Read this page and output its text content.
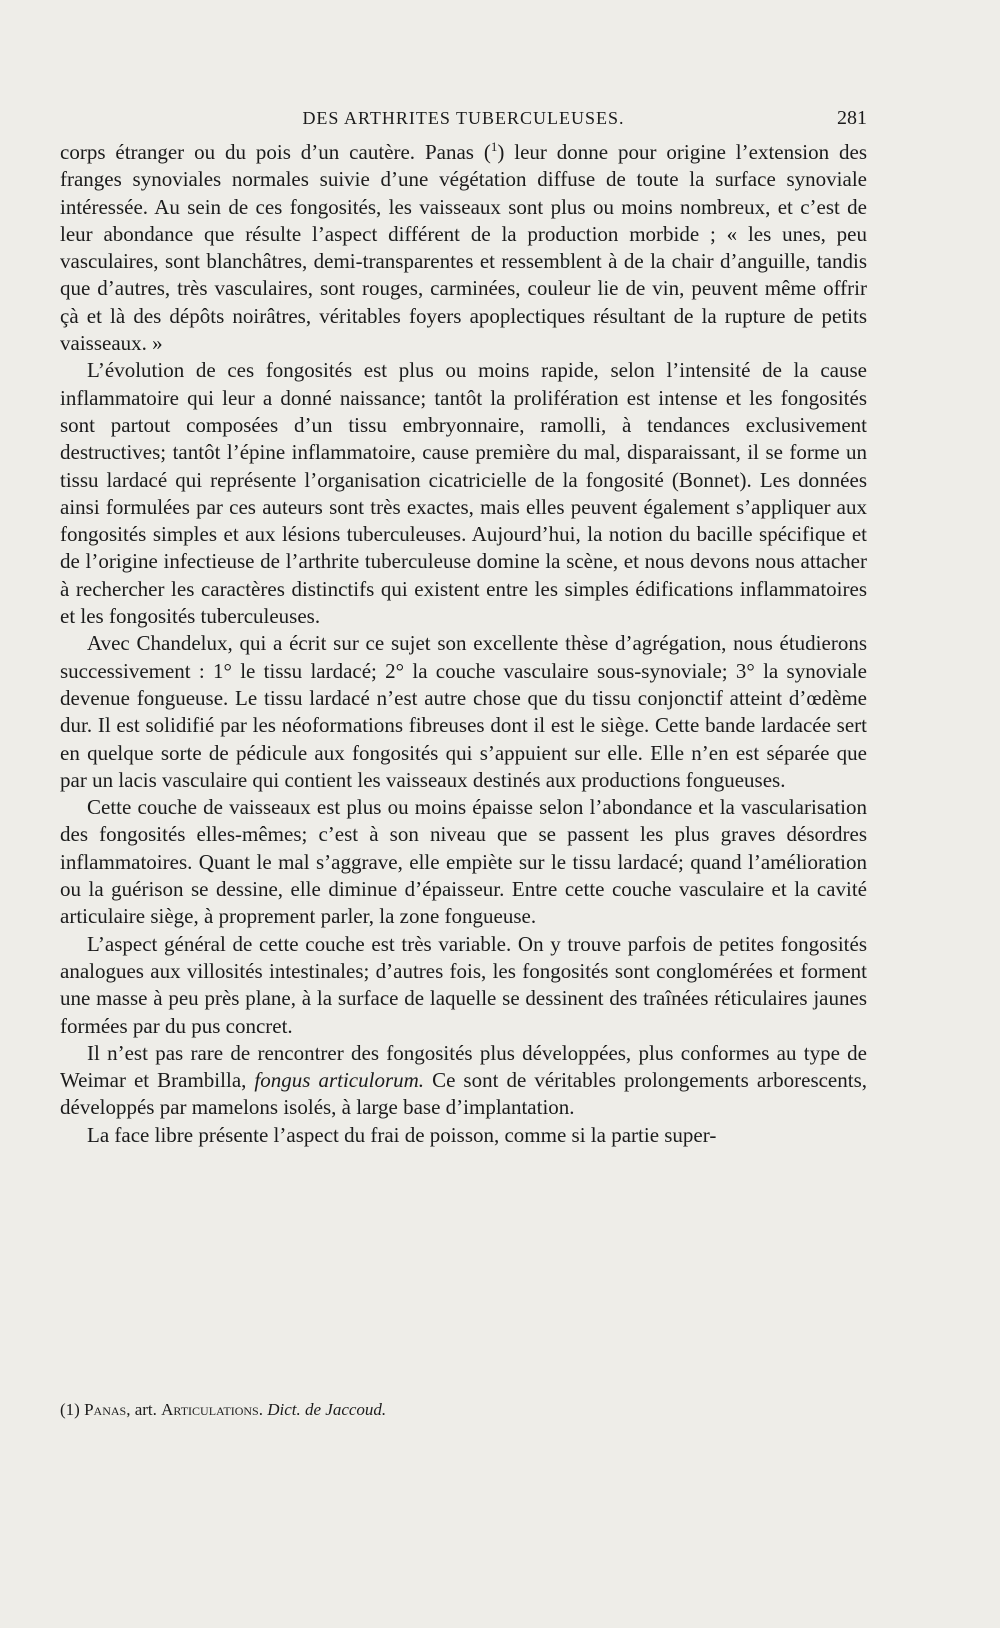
DES ARTHRITES TUBERCULEUSES.	281

corps étranger ou du pois d’un cautère. Panas ($^1$) leur donne pour origine l’extension des franges synoviales normales suivie d’une végétation diffuse de toute la surface synoviale intéressée. Au sein de ces fongosités, les vaisseaux sont plus ou moins nombreux, et c’est de leur abondance que résulte l’aspect différent de la production morbide ; « les unes, peu vasculaires, sont blanchâtres, demi-transparentes et ressemblent à de la chair d’anguille, tandis que d’autres, très vasculaires, sont rouges, carminées, couleur lie de vin, peuvent même offrir çà et là des dépôts noirâtres, véritables foyers apoplectiques résultant de la rupture de petits vaisseaux. »

L’évolution de ces fongosités est plus ou moins rapide, selon l’intensité de la cause inflammatoire qui leur a donné naissance; tantôt la prolifération est intense et les fongosités sont partout composées d’un tissu embryonnaire, ramolli, à tendances exclusivement destructives; tantôt l’épine inflammatoire, cause première du mal, disparaissant, il se forme un tissu lardacé qui représente l’organisation cicatricielle de la fongosité (Bonnet). Les données ainsi formulées par ces auteurs sont très exactes, mais elles peuvent également s’appliquer aux fongosités simples et aux lésions tuberculeuses. Aujourd’hui, la notion du bacille spécifique et de l’origine infectieuse de l’arthrite tuberculeuse domine la scène, et nous devons nous attacher à rechercher les caractères distinctifs qui existent entre les simples édifications inflammatoires et les fongosités tuberculeuses.

Avec Chandelux, qui a écrit sur ce sujet son excellente thèse d’agrégation, nous étudierons successivement : 1° le tissu lardacé; 2° la couche vasculaire sous-synoviale; 3° la synoviale devenue fongueuse. Le tissu lardacé n’est autre chose que du tissu conjonctif atteint d’œdème dur. Il est solidifié par les néoformations fibreuses dont il est le siège. Cette bande lardacée sert en quelque sorte de pédicule aux fongosités qui s’appuient sur elle. Elle n’en est séparée que par un lacis vasculaire qui contient les vaisseaux destinés aux productions fongueuses.

Cette couche de vaisseaux est plus ou moins épaisse selon l’abondance et la vascularisation des fongosités elles-mêmes; c’est à son niveau que se passent les plus graves désordres inflammatoires. Quant le mal s’aggrave, elle empiète sur le tissu lardacé; quand l’amélioration ou la guérison se dessine, elle diminue d’épaisseur. Entre cette couche vasculaire et la cavité articulaire siège, à proprement parler, la zone fongueuse.

L’aspect général de cette couche est très variable. On y trouve parfois de petites fongosités analogues aux villosités intestinales; d’autres fois, les fongosités sont conglomérées et forment une masse à peu près plane, à la surface de laquelle se dessinent des traînées réticulaires jaunes formées par du pus concret.

Il n’est pas rare de rencontrer des fongosités plus développées, plus conformes au type de Weimar et Brambilla, fongus articulorum. Ce sont de véritables prolongements arborescents, développés par mamelons isolés, à large base d’implantation.

La face libre présente l’aspect du frai de poisson, comme si la partie super-

(1) Panas, art. Articulations. Dict. de Jaccoud.
